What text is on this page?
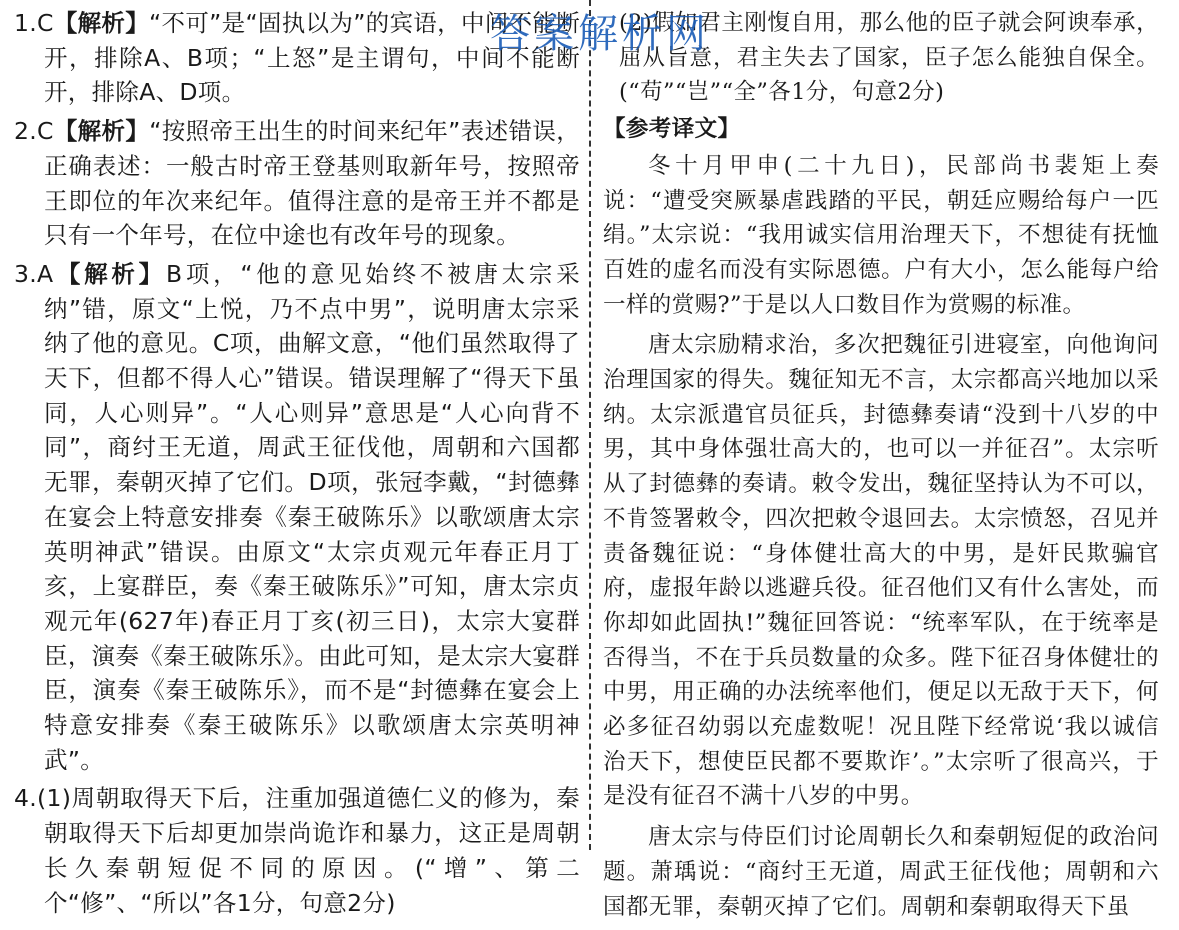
1.C【解析】“不可”是“固执以为”的宾语，中间不能断开，排除A、B项；“上怒”是主谓句，中间不能断开，排除A、D项。
2.C【解析】“按照帝王出生的时间来纪年”表述错误，正确表述：一般古时帝王登基则取新年号，按照帝王即位的年次来纪年。值得注意的是帝王并不都是只有一个年号，在位中途也有改年号的现象。
3.A【解析】B项，“他的意见始终不被唐太宗采纳”错，原文“上悦，乃不点中男”，说明唐太宗采纳了他的意见。C项，曲解文意，“他们虽然取得了天下，但都不得人心”错误。错误理解了“得天下虽同，人心则异”。“人心则异”意思是“人心向背不同”，商纣王无道，周武王征伐他，周朝和六国都无罪，秦朝灭掉了它们。D项，张冠李戴，“封德彝在宴会上特意安排奏《秦王破陈乐》以歌颂唐太宗英明神武”错误。由原文“太宗贞观元年春正月丁亥，上宴群臣，奏《秦王破陈乐》”可知，唐太宗贞观元年(627年)春正月丁亥(初三日)，太宗大宴群臣，演奏《秦王破陈乐》。由此可知，是太宗大宴群臣，演奏《秦王破陈乐》，而不是“封德彝在宴会上特意安排奏《秦王破陈乐》以歌颂唐太宗英明神武”。
4.(1)周朝取得天下后，注重加强道德仁义的修为，秦朝取得天下后却更加崇尚诡诈和暴力，这正是周朝长久秦朝短促不同的原因。(“增”、第二个“修”、“所以”各1分，句意2分)

(2)假如君主刚愎自用，那么他的臣子就会阿谀奉承，屈从旨意，君主失去了国家，臣子怎么能独自保全。(“苟”“岂”“全”各1分，句意2分)

【参考译文】

冬十月甲申(二十九日)，民部尚书裴矩上奏说：“遭受突厥暴虐践踏的平民，朝廷应赐给每户一匹绢。”太宗说：“我用诚实信用治理天下，不想徒有抚恤百姓的虚名而没有实际恩德。户有大小，怎么能每户给一样的赏赐?”于是以人口数目作为赏赐的标准。

唐太宗励精求治，多次把魏征引进寝室，向他询问治理国家的得失。魏征知无不言，太宗都高兴地加以采纳。太宗派遣官员征兵，封德彝奏请“没到十八岁的中男，其中身体强壮高大的，也可以一并征召”。太宗听从了封德彝的奏请。敕令发出，魏征坚持认为不可以，不肯签署敕令，四次把敕令退回去。太宗愤怒，召见并责备魏征说：“身体健壮高大的中男，是奸民欺骗官府，虚报年龄以逃避兵役。征召他们又有什么害处，而你却如此固执!”魏征回答说：“统率军队，在于统率是否得当，不在于兵员数量的众多。陛下征召身体健壮的中男，用正确的办法统率他们，便足以无敌于天下，何必多征召幼弱以充虚数呢！况且陛下经常说‘我以诚信治天下，想使臣民都不要欺诈’。”太宗听了很高兴，于是没有征召不满十八岁的中男。

唐太宗与侍臣们讨论周朝长久和秦朝短促的政治问题。萧瑀说：“商纣王无道，周武王征伐他；周朝和六国都无罪，秦朝灭掉了它们。周朝和秦朝取得天下虽

答案解析网
